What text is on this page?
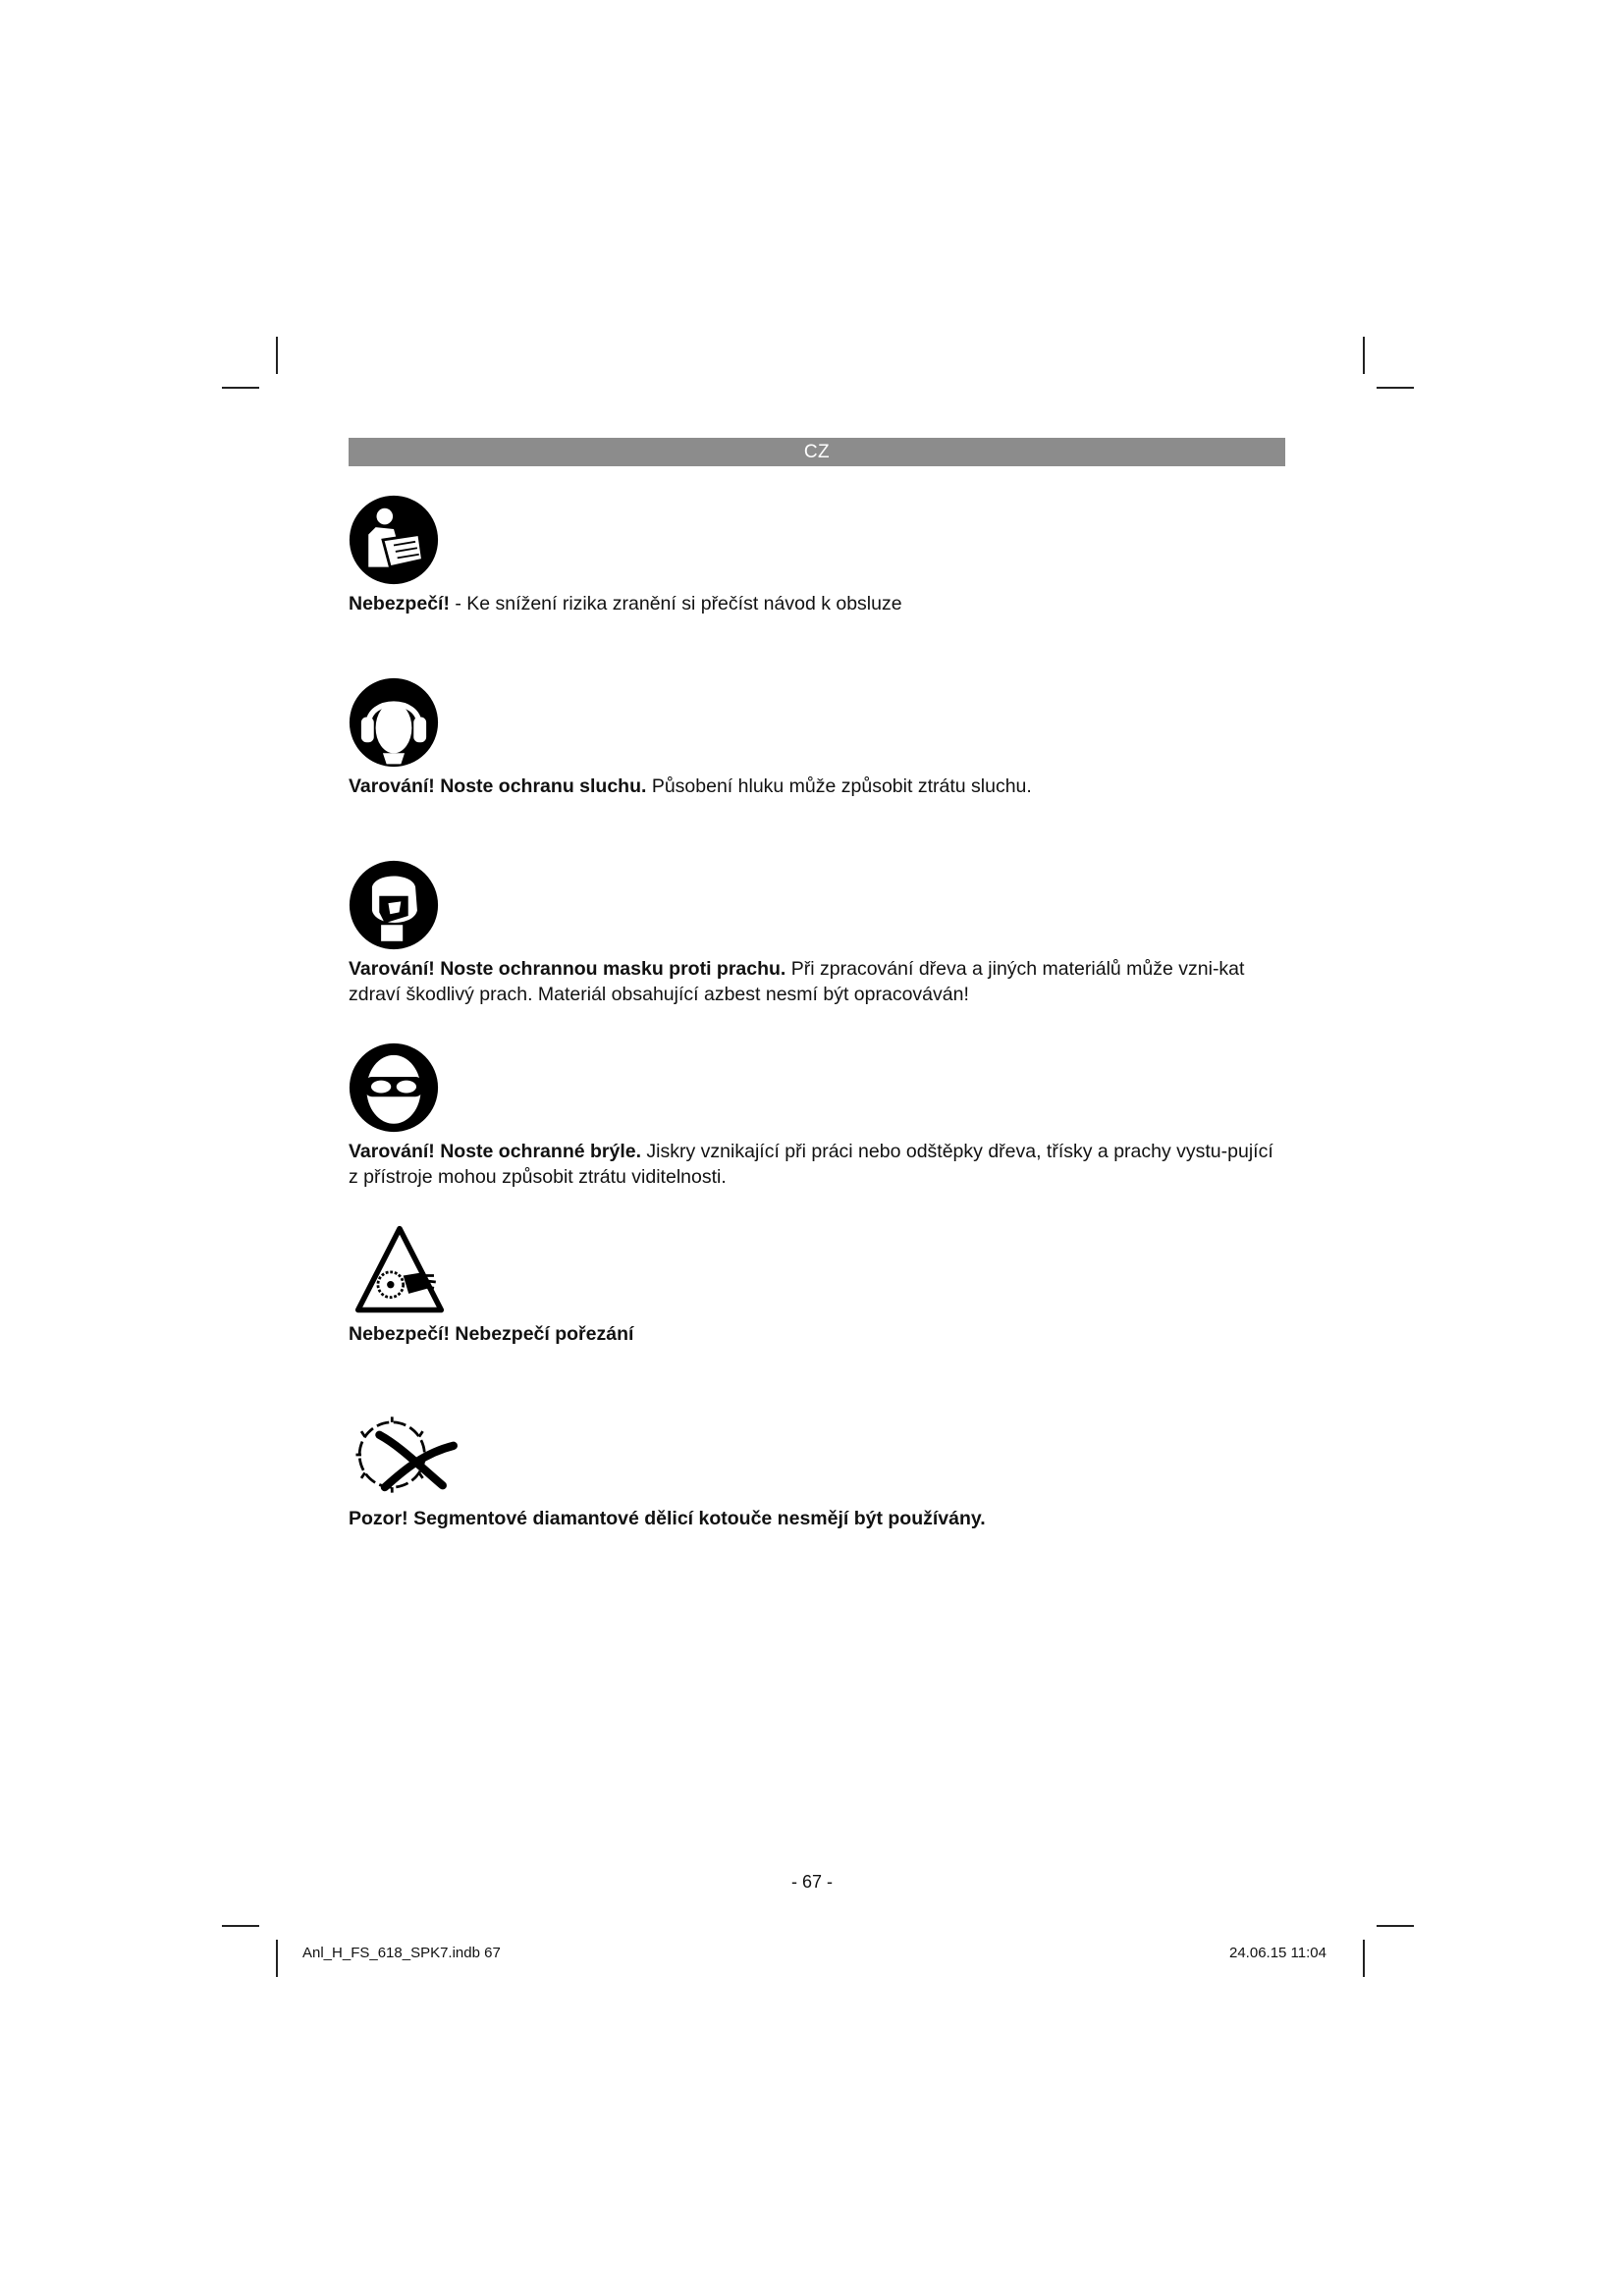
CZ
Nebezpečí! - Ke snížení rizika zranění si přečíst návod k obsluze
Varování! Noste ochranu sluchu. Působení hluku může způsobit ztrátu sluchu.
Varování! Noste ochrannou masku proti prachu. Při zpracování dřeva a jiných materiálů může vzni-kat zdraví škodlivý prach. Materiál obsahující azbest nesmí být opracováván!
Varování! Noste ochranné brýle. Jiskry vznikající při práci nebo odštěpky dřeva, třísky a prachy vystu-pující z přístroje mohou způsobit ztrátu viditelnosti.
Nebezpečí! Nebezpečí pořezání
Pozor! Segmentové diamantové dělicí kotouče nesmějí být používány.
- 67 -
Anl_H_FS_618_SPK7.indb 67	24.06.15 11:04
